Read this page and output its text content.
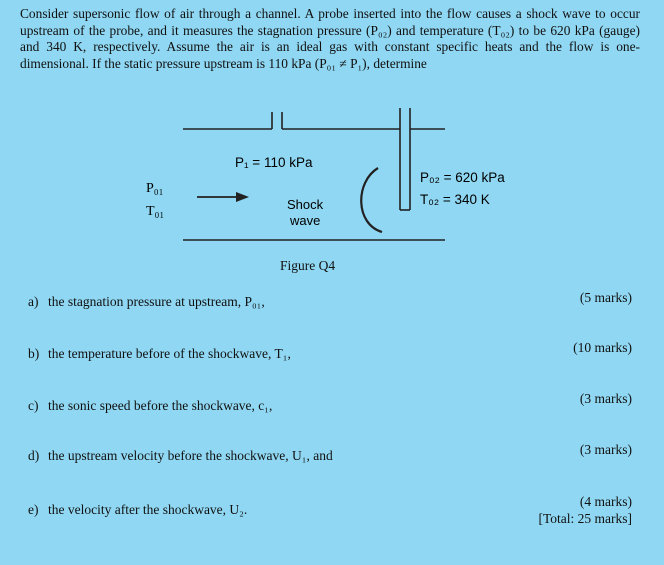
Consider supersonic flow of air through a channel. A probe inserted into the flow causes a shock wave to occur upstream of the probe, and it measures the stagnation pressure (P₀₂) and temperature (T₀₂) to be 620 kPa (gauge) and 340 K, respectively. Assume the air is an ideal gas with constant specific heats and the flow is one-dimensional. If the static pressure upstream is 110 kPa (P₀₁ ≠ P₁), determine
P₁ = 110 kPa
P₀₁
T₀₁	Shock
wave
P₀₂ = 620 kPa
T₀₂ = 340 K
Figure Q4
a) the stagnation pressure at upstream, P₀₁,	(5 marks)
b) the temperature before of the shockwave, T₁,	(10 marks)
c) the sonic speed before the shockwave, c₁,	(3 marks)
d) the upstream velocity before the shockwave, U₁, and	(3 marks)
e) the velocity after the shockwave, U₂.
(4 marks)
[Total: 25 marks]
